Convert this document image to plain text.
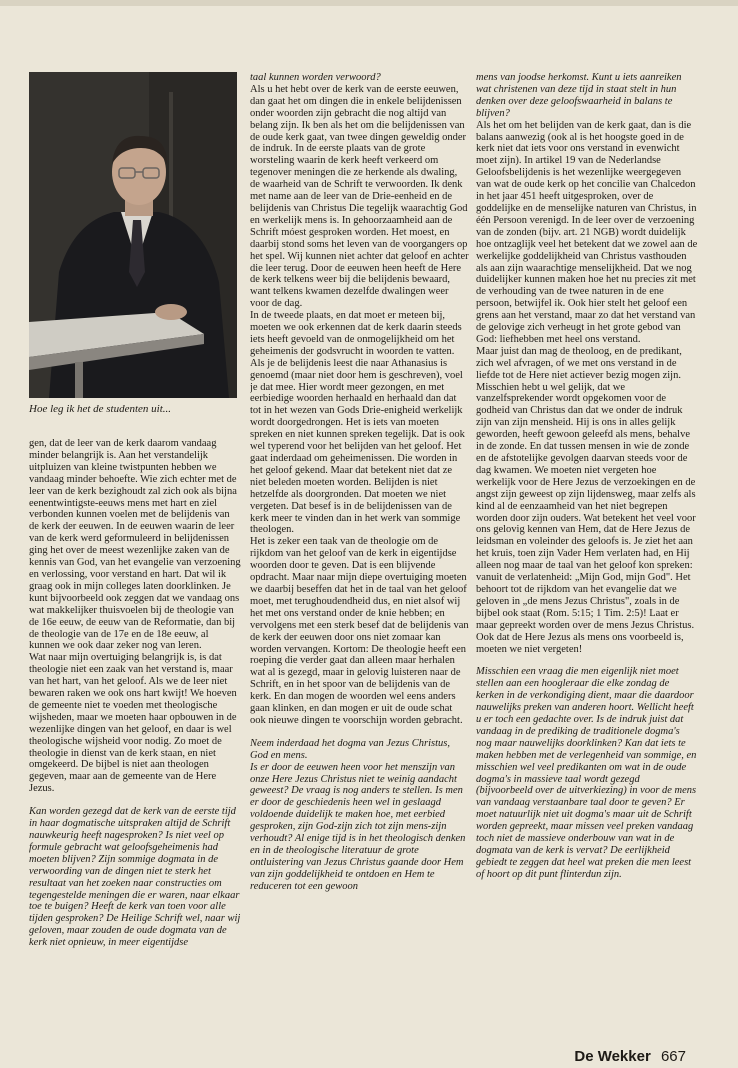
Hoe leg ik het de studenten uit...

gen, dat de leer van de kerk daarom vandaag minder belangrijk is. Aan het verstandelijk uitpluizen van kleine twistpunten hebben we vandaag minder behoefte. Wie zich echter met de leer van de kerk bezighoudt zal zich ook als bijna eenentwintigste-eeuws mens met hart en ziel verbonden kunnen voelen met de belijdenis van de kerk der eeuwen. In de eeuwen waarin de leer van de kerk werd geformuleerd in belijdenissen ging het over de meest wezenlijke zaken van de kennis van God, van het evangelie van verzoening en verlossing, voor verstand en hart. Dat wil ik graag ook in mijn colleges laten doorklinken. Je kunt bijvoorbeeld ook zeggen dat we vandaag ons wat makkelijker thuisvoelen bij de theologie van de 16e eeuw, de eeuw van de Reformatie, dan bij de theologie van de 17e en de 18e eeuw, al kunnen we ook daar zeker nog van leren.

Wat naar mijn overtuiging belangrijk is, is dat theologie niet een zaak van het verstand is, maar van het hart, van het geloof. Als we de leer niet bewaren raken we ook ons hart kwijt! We hoeven de gemeente niet te voeden met theologische wijsheden, maar we moeten haar opbouwen in de wezenlijke dingen van het geloof, en daar is wel theologische wijsheid voor nodig. Zo moet de theologie in dienst van de kerk staan, en niet omgekeerd. De bijbel is niet aan theologen gegeven, maar aan de gemeente van de Here Jezus.

Kan worden gezegd dat de kerk van de eerste tijd in haar dogmatische uitspraken altijd de Schrift nauwkeurig heeft nagesproken? Is niet veel op formule gebracht wat geloofsgeheimenis had moeten blijven? Zijn sommige dogmata in de verwoording van de dingen niet te sterk het resultaat van het zoeken naar constructies om tegengestelde meningen die er waren, naar elkaar toe te buigen? Heeft de kerk van toen voor alle tijden gesproken? De Heilige Schrift wel, naar wij geloven, maar zouden de oude dogmata van de kerk niet opnieuw, in meer eigentijdse

taal kunnen worden verwoord?

Als u het hebt over de kerk van de eerste eeuwen, dan gaat het om dingen die in enkele belijdenissen onder woorden zijn gebracht die nog altijd van belang zijn. Ik ben als het om die belijdenissen van de oude kerk gaat, van twee dingen geweldig onder de indruk. In de eerste plaats van de grote worsteling waarin de kerk heeft verkeerd om tegenover meningen die ze herkende als dwaling, de waarheid van de Schrift te verwoorden. Ik denk met name aan de leer van de Drie-eenheid en de belijdenis van Christus Die tegelijk waarachtig God en werkelijk mens is. In gehoorzaamheid aan de Schrift móest gesproken worden. Het moest, en daarbij stond soms het leven van de voorgangers op het spel. Wij kunnen niet achter dat geloof en achter die leer terug. Door de eeuwen heen heeft de Here de kerk telkens weer bij die belijdenis bewaard, want telkens kwamen dezelfde dwalingen weer voor de dag.

In de tweede plaats, en dat moet er meteen bij, moeten we ook erkennen dat de kerk daarin steeds iets heeft gevoeld van de onmogelijkheid om het geheimenis der godsvrucht in woorden te vatten. Als je de belijdenis leest die naar Athanasius is genoemd (maar niet door hem is geschreven), voel je dat mee. Hier wordt meer gezongen, en met eerbiedige woorden herhaald en herhaald dan dat tot in het wezen van Gods Drie-enigheid werkelijk wordt doorgedrongen. Het is iets van moeten spreken en niet kunnen spreken tegelijk. Dat is ook wel typerend voor het belijden van het geloof. Het gaat inderdaad om geheimenissen. Die worden in het geloof gekend. Maar dat betekent niet dat ze niet beleden moeten worden. Belijden is niet hetzelfde als doorgronden. Dat moeten we niet vergeten. Dat besef is in de belijdenissen van de kerk meer te vinden dan in het werk van sommige theologen.

Het is zeker een taak van de theologie om de rijkdom van het geloof van de kerk in eigentijdse woorden door te geven. Dat is een blijvende opdracht. Maar naar mijn diepe overtuiging moeten we daarbij beseffen dat het in de taal van het geloof moet, met terughoudendheid dus, en niet alsof wij het met ons verstand onder de knie hebben; en vervolgens met een sterk besef dat de belijdenis van de kerk der eeuwen door ons niet zomaar kan worden vervangen. Kortom: De theologie heeft een roeping die verder gaat dan alleen maar herhalen wat al is gezegd, maar in gelovig luisteren naar de Schrift, en in het spoor van de belijdenis van de kerk. En dan mogen de woorden wel eens anders gaan klinken, en dan mogen er uit de oude schat ook nieuwe dingen te voorschijn worden gebracht.

Neem inderdaad het dogma van Jezus Christus, God en mens.

Is er door de eeuwen heen voor het menszijn van onze Here Jezus Christus niet te weinig aandacht geweest? De vraag is nog anders te stellen. Is men er door de geschiedenis heen wel in geslaagd voldoende duidelijk te maken hoe, met eerbied gesproken, zijn God-zijn zich tot zijn mens-zijn verhoudt? Al enige tijd is in het theologisch denken en in de theologische literatuur de grote ontluistering van Jezus Christus gaande door Hem van zijn goddelijkheid te ontdoen en Hem te reduceren tot een gewoon

mens van joodse herkomst. Kunt u iets aanreiken wat christenen van deze tijd in staat stelt in hun denken over deze geloofswaarheid in balans te blijven?

Als het om het belijden van de kerk gaat, dan is die balans aanwezig (ook al is het hoogste goed in de kerk niet dat iets voor ons verstand in evenwicht moet zijn). In artikel 19 van de Nederlandse Geloofsbelijdenis is het wezenlijke weergegeven van wat de oude kerk op het concilie van Chalcedon in het jaar 451 heeft uitgesproken, over de goddelijke en de menselijke naturen van Christus, in één Persoon verenigd. In de leer over de verzoening van de zonden (bijv. art. 21 NGB) wordt duidelijk hoe ontzaglijk veel het betekent dat we zowel aan de werkelijke goddelijkheid van Christus vasthouden als aan zijn waarachtige menselijkheid. Dat we nog duidelijker kunnen maken hoe het nu precies zit met de verhouding van de twee naturen in de ene persoon, betwijfel ik. Ook hier stelt het geloof een grens aan het verstand, maar zo dat het verstand van de gelovige zich verheugt in het grote gebod van God: liefhebben met heel ons verstand.

Maar juist dan mag de theoloog, en de predikant, zich wel afvragen, of we met ons verstand in de liefde tot de Here niet actiever bezig mogen zijn. Misschien hebt u wel gelijk, dat we vanzelfsprekender wordt opgekomen voor de godheid van Christus dan dat we onder de indruk zijn van zijn mensheid. Hij is ons in alles gelijk geworden, heeft gewoon geleefd als mens, behalve in de zonde. En dat tussen mensen in wie de zonde en de afstotelijke gevolgen daarvan steeds voor de dag kwamen. We moeten niet vergeten hoe werkelijk voor de Here Jezus de verzoekingen en de angst zijn geweest op zijn lijdensweg, maar zelfs als kind al de eenzaamheid van het niet begrepen worden door zijn ouders. Wat betekent het veel voor ons gelovig kennen van Hem, dat de Here Jezus de leidsman en voleinder des geloofs is. Je ziet het aan het kruis, toen zijn Vader Hem verlaten had, en Hij alleen nog maar de taal van het geloof kon spreken: vanuit de verlatenheid: „Mijn God, mijn God". Het behoort tot de rijkdom van het evangelie dat we geloven in „de mens Jezus Christus", zoals in de bijbel ook staat (Rom. 5:15; 1 Tim. 2:5)! Laat er maar gepreekt worden over de mens Jezus Christus. Ook dat de Here Jezus als mens ons voorbeeld is, moeten we niet vergeten!

Misschien een vraag die men eigenlijk niet moet stellen aan een hoogleraar die elke zondag de kerken in de verkondiging dient, maar die daardoor nauwelijks preken van anderen hoort. Wellicht heeft u er toch een gedachte over. Is de indruk juist dat vandaag in de prediking de traditionele dogma's nog maar nauwelijks doorklinken? Kan dat iets te maken hebben met de verlegenheid van sommige, en misschien wel veel predikanten om wat in de oude dogma's in massieve taal wordt gezegd (bijvoorbeeld over de uitverkiezing) in voor de mens van vandaag verstaanbare taal door te geven? Er moet natuurlijk niet uit dogma's maar uit de Schrift worden gepreekt, maar missen veel preken vandaag toch niet de massieve onderbouw van wat in de dogmata van de kerk is vervat? De eerlijkheid gebiedt te zeggen dat heel wat preken die men leest of hoort op dit punt flinterdun zijn.

De Wekker 667
